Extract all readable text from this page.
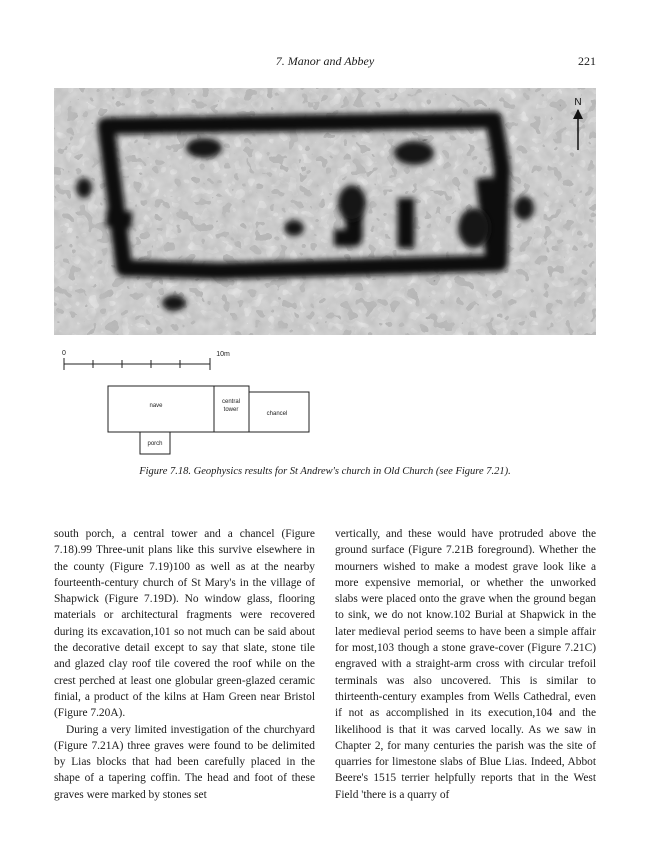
7. Manor and Abbey	221
N
0	10m
nave
central
tower
chancel
porch
Figure 7.18. Geophysics results for St Andrew's church in Old Church (see Figure 7.21).

south porch, a central tower and a chancel (Figure 7.18).99 Three-unit plans like this survive elsewhere in the county (Figure 7.19)100 as well as at the nearby fourteenth-century church of St Mary's in the village of Shapwick (Figure 7.19D). No window glass, flooring materials or architectural fragments were recovered during its excavation,101 so not much can be said about the decorative detail except to say that slate, stone tile and glazed clay roof tile covered the roof while on the crest perched at least one globular green-glazed ceramic finial, a product of the kilns at Ham Green near Bristol (Figure 7.20A).

During a very limited investigation of the churchyard (Figure 7.21A) three graves were found to be delimited by Lias blocks that had been carefully placed in the shape of a tapering coffin. The head and foot of these graves were marked by stones set

vertically, and these would have protruded above the ground surface (Figure 7.21B foreground). Whether the mourners wished to make a modest grave look like a more expensive memorial, or whether the unworked slabs were placed onto the grave when the ground began to sink, we do not know.102 Burial at Shapwick in the later medieval period seems to have been a simple affair for most,103 though a stone grave-cover (Figure 7.21C) engraved with a straight-arm cross with circular trefoil terminals was also uncovered. This is similar to thirteenth-century examples from Wells Cathedral, even if not as accomplished in its execution,104 and the likelihood is that it was carved locally. As we saw in Chapter 2, for many centuries the parish was the site of quarries for limestone slabs of Blue Lias. Indeed, Abbot Beere's 1515 terrier helpfully reports that in the West Field 'there is a quarry of
